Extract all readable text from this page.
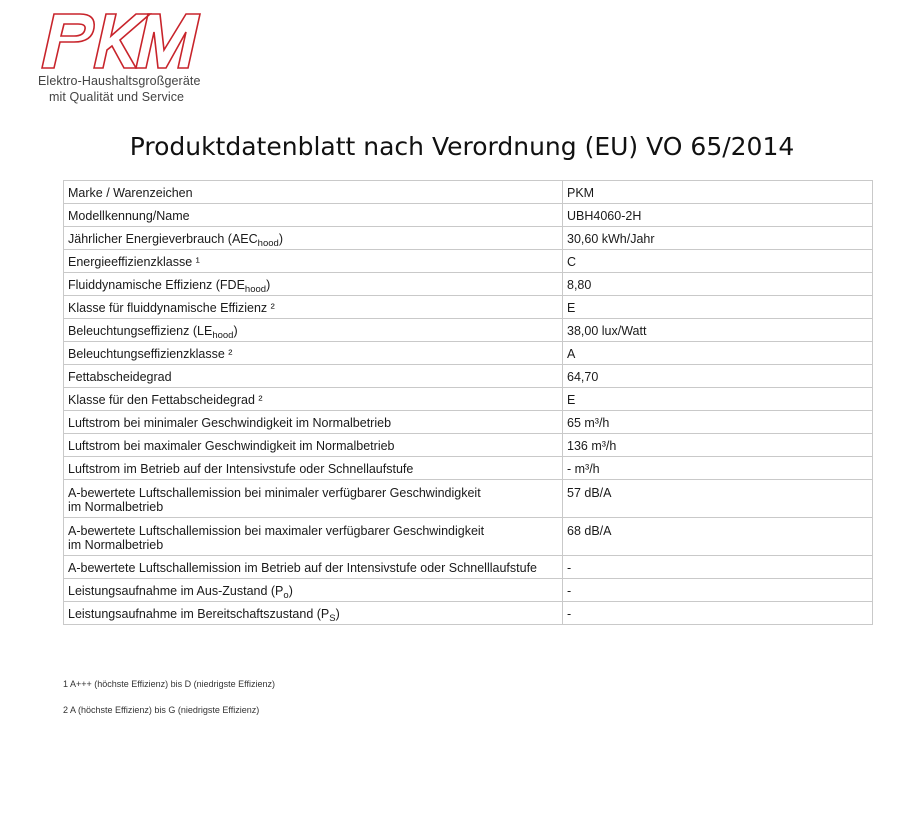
Elektro-Haushaltsgroßgeräte
mit Qualität und Service
Produktdatenblatt nach Verordnung (EU) VO 65/2014
Marke / Warenzeichen	PKM

Modellkennung/Name	UBH4060-2H

Jährlicher Energieverbrauch $(AEC_{hood})$	30,60 kWh/Jahr

Energieeffizienzklasse ¹	C

Fluiddynamische Effizienz $(FDE_{hood})$	8,80

Klasse für fluiddynamische Effizienz ²	E

Beleuchtungseffizienz $(LE_{hood})$	38,00 lux/Watt

Beleuchtungseffizienzklasse ²	A

Fettabscheidegrad	64,70

Klasse für den Fettabscheidegrad ²	E

Luftstrom bei minimaler Geschwindigkeit im Normalbetrieb	65 m³/h

Luftstrom bei maximaler Geschwindigkeit im Normalbetrieb	136 m³/h

Luftstrom im Betrieb auf der Intensivstufe oder Schnellaufstufe	- m³/h

A-bewertete Luftschallemission bei minimaler verfügbarer Geschwindigkeit
im Normalbetrieb	57 dB/A

A-bewertete Luftschallemission bei maximaler verfügbarer Geschwindigkeit
im Normalbetrieb	68 dB/A

A-bewertete Luftschallemission im Betrieb auf der Intensivstufe oder Schnelllaufstufe	-

Leistungsaufnahme im Aus-Zustand $(P_o)$	-

Leistungsaufnahme im Bereitschaftszustand $(P_S)$	-
1 A+++ (höchste Effizienz) bis D (niedrigste Effizienz)
2 A (höchste Effizienz) bis G (niedrigste Effizienz)
